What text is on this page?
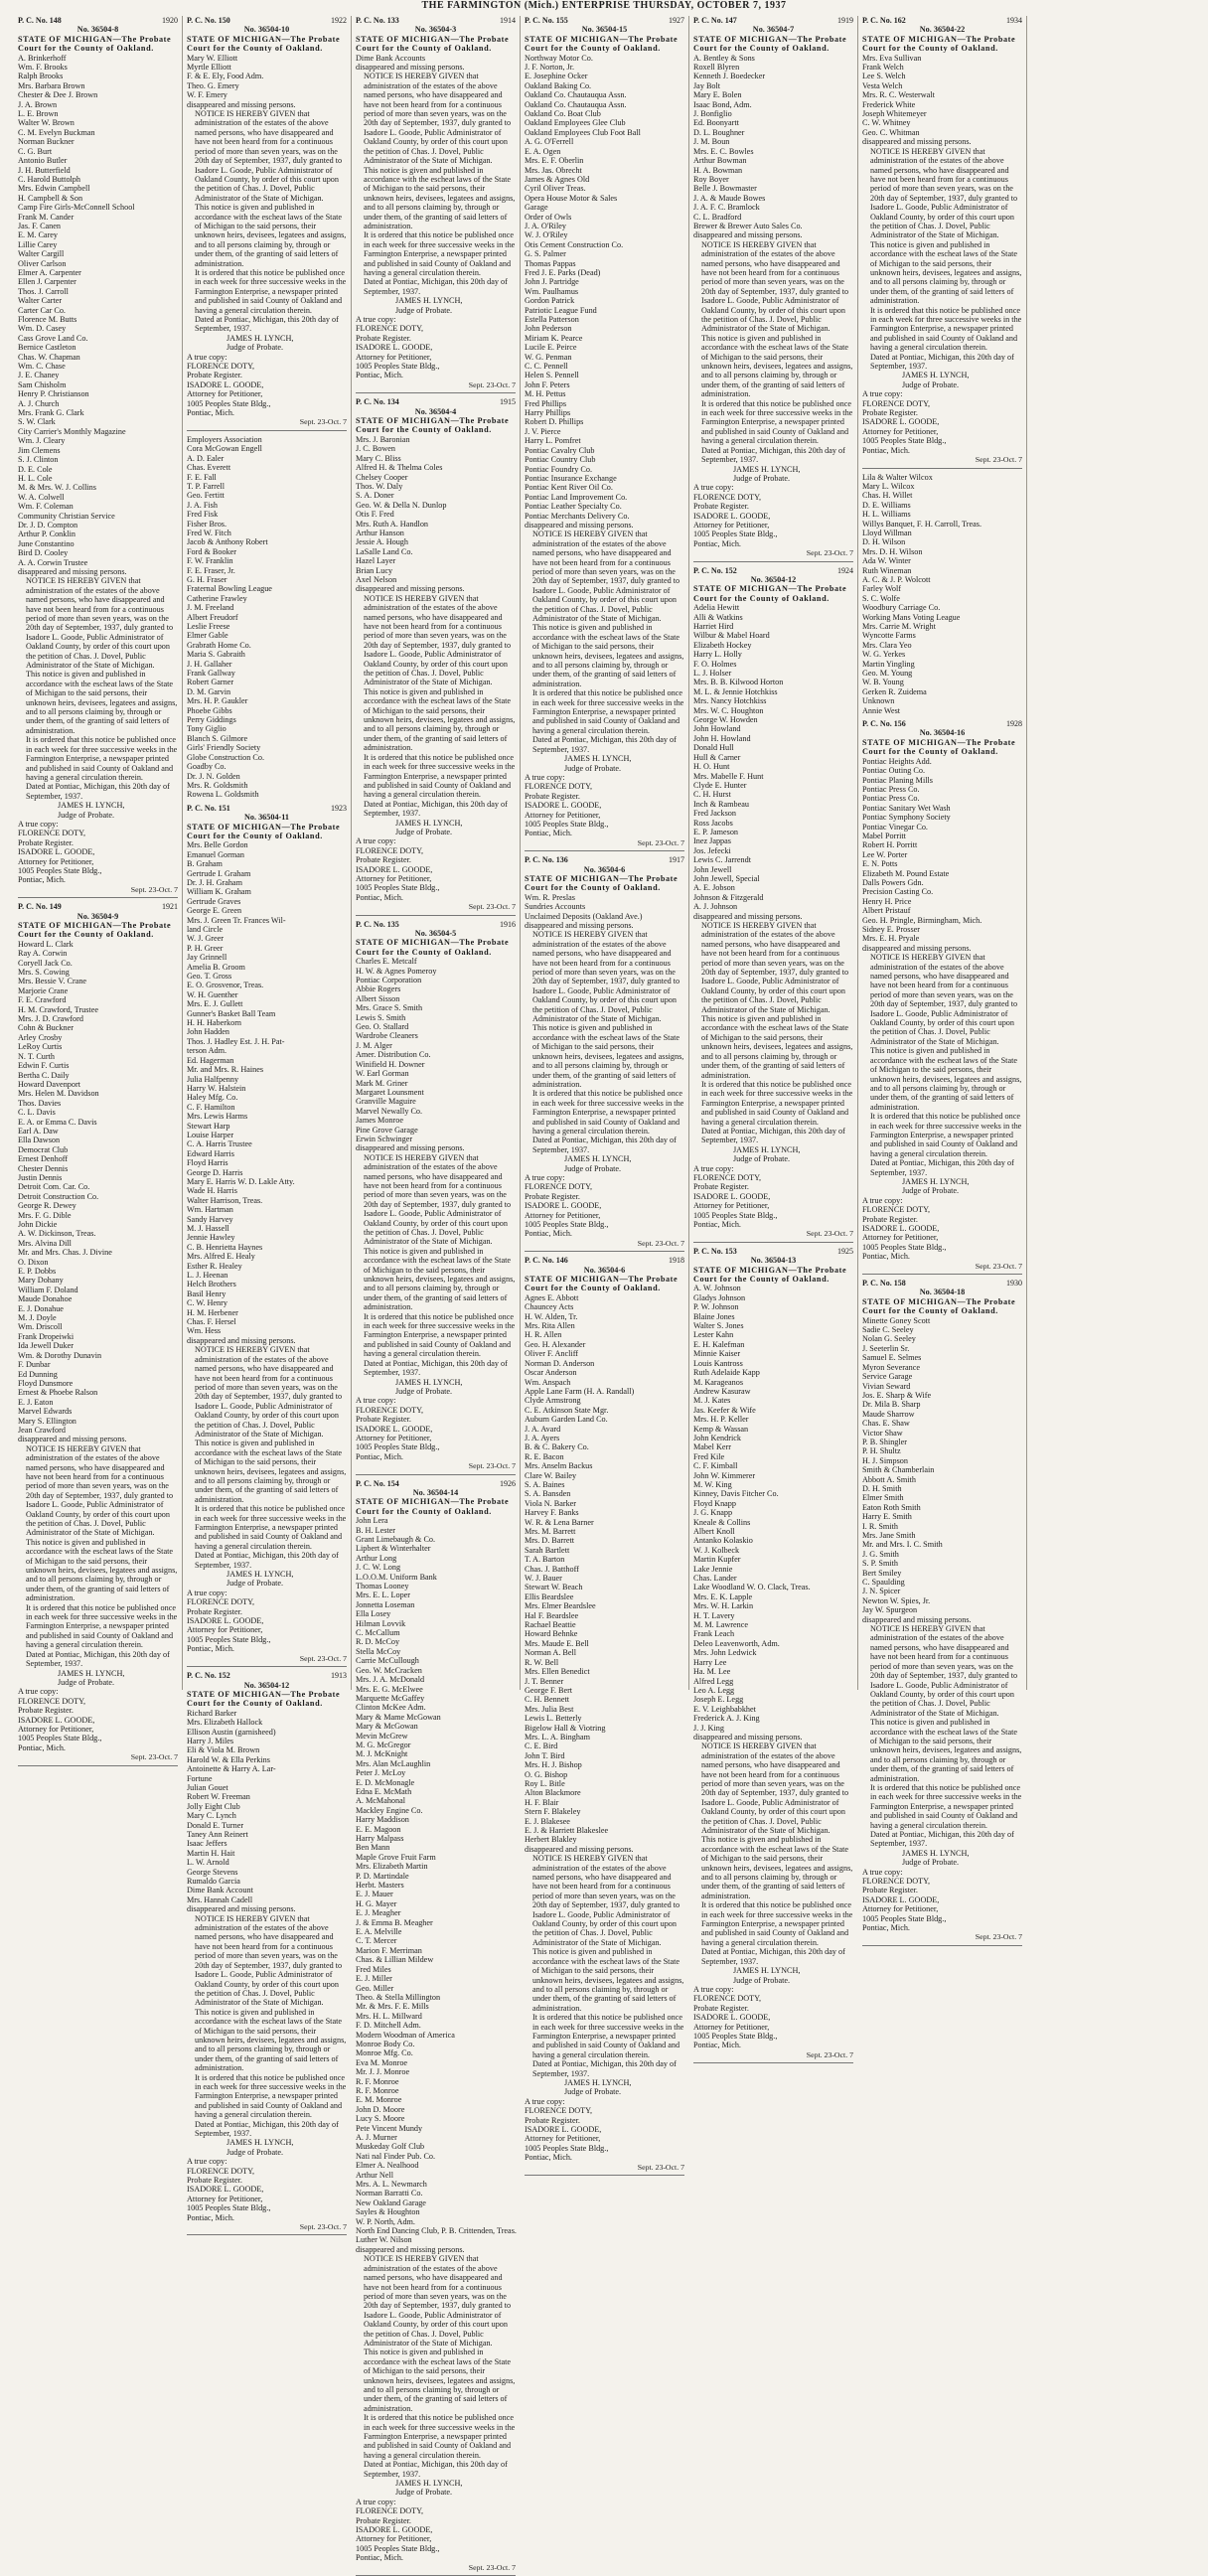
THE FARMINGTON (Mich.) ENTERPRISE THURSDAY, OCTOBER 7, 1937
P. C. No. 148	1920
No. 36504-8
STATE OF MICHIGAN—The Probate Court for the County of Oakland.
A. Brinkerhoff
Wm. F. Brooks
Ralph Brooks
Mrs. Barbara Brown
Chester & Dee J. Brown
J. A. Brown
L. E. Brown
Walter W. Brown
C. M. Evelyn Buckman
Norman Buckner
C. G. Burt
Antonio Butler
J. H. Butterfield
C. Harold Buttolph
Mrs. Edwin Campbell
H. Campbell & Son
Camp Fire Girls-McConnell School
Frank M. Cander
Jas. F. Canen
E. M. Carey
Lillie Carey
Walter Cargill
Oliver Carlson
Elmer A. Carpenter
Ellen J. Carpenter
Thos. J. Carroll
Walter Carter
Carter Car Co.
Florence M. Butts
Wm. D. Casey
Cass Grove Land Co.
Bernice Castleton
Chas. W. Chapman
Wm. C. Chase
J. E. Chaney
Sam Chisholm
Henry P. Christianson
A. J. Church
Mrs. Frank G. Clark
S. W. Clark
City Carrier's Monthly Magazine
Wm. J. Cleary
Jim Clemens
S. J. Clinton
D. E. Cole
H. L. Cole
M. & Mrs. W. J. Collins
W. A. Colwell
Wm. F. Coleman
Community Christian Service
Dr. J. D. Compton
Arthur P. Conklin
June Constantino
Bird D. Cooley
A. A. Corwin Trustee
disappeared and missing persons.
NOTICE IS HEREBY GIVEN that administration of the estates of the above named persons, who have disappeared and have not been heard from for a continuous period of more than seven years, was on the 20th day of September, 1937, duly granted to Isadore L. Goode, Public Administrator of Oakland County, by order of this court upon the petition of Chas. J. Dovel, Public Administrator of the State of Michigan.
This notice is given and published in accordance with the escheat laws of the State of Michigan to the said persons, their unknown heirs, devisees, legatees and assigns, and to all persons claiming by, through or under them, of the granting of said letters of administration.
It is ordered that this notice be published once in each week for three successive weeks in the Farmington Enterprise, a newspaper printed and published in said County of Oakland and having a general circulation therein.
Dated at Pontiac, Michigan, this 20th day of September, 1937.
JAMES H. LYNCH,
Judge of Probate.
A true copy:
FLORENCE DOTY,
Probate Register.
ISADORE L. GOODE,
Attorney for Petitioner,
1005 Peoples State Bldg.,
Pontiac, Mich.
Sept. 23-Oct. 7
P. C. No. 149	1921
No. 36504-9
STATE OF MICHIGAN—The Probate Court for the County of Oakland.
Howard L. Clark
Ray A. Corwin
Coryell Jack Co.
Mrs. S. Cowing
Mrs. Bessie V. Crane
Marjorie Crane
F. E. Crawford
H. M. Crawford, Trustee
Mrs. J. D. Crawford
Cohn & Buckner
Arley Crosby
LeRoy Curtis
N. T. Curth
Edwin F. Curtis
Bertha C. Daily
Howard Davenport
Mrs. Helen M. Davidson
Thos. Davies
C. L. Davis
E. A. or Emma C. Davis
Earl A. Daw
Ella Dawson
Democrat Club
Ernest Denhoff
Chester Dennis
Justin Dennis
Detroit Com. Car. Co.
Detroit Construction Co.
George R. Dewey
Mrs. F. G. Dible
John Dickie
A. W. Dickinson, Treas.
Mrs. Alvina Dill
Mr. and Mrs. Chas. J. Divine
O. Dixon
E. P. Dobbs
Mary Dohany
William F. Doland
Maude Donahoe
E. J. Donahue
M. J. Doyle
Wm. Driscoll
Frank Dropeiwki
Ida Jewell Duker
Wm. & Dorothy Dunavin
F. Dunbar
Ed Dunning
Floyd Dunsmore
Ernest & Phoebe Ralson
E. J. Eaton
Marvel Edwards
Mary S. Ellington
Jean Crawford
disappeared and missing persons.
NOTICE IS HEREBY GIVEN that administration of the estates of the above named persons, who have disappeared and have not been heard from for a continuous period of more than seven years, was on the 20th day of September, 1937, duly granted to Isadore L. Goode, Public Administrator of Oakland County, by order of this court upon the petition of Chas. J. Dovel, Public Administrator of the State of Michigan.
This notice is given and published in accordance with the escheat laws of the State of Michigan to the said persons, their unknown heirs, devisees, legatees and assigns, and to all persons claiming by, through or under them, of the granting of said letters of administration.
It is ordered that this notice be published once in each week for three successive weeks in the Farmington Enterprise, a newspaper printed and published in said County of Oakland and having a general circulation therein.
Dated at Pontiac, Michigan, this 20th day of September, 1937.
JAMES H. LYNCH,
Judge of Probate.
A true copy:
FLORENCE DOTY,
Probate Register.
ISADORE L. GOODE,
Attorney for Petitioner,
1005 Peoples State Bldg.,
Pontiac, Mich.
Sept. 23-Oct. 7
P. C. No. 150	1922
No. 36504-10
STATE OF MICHIGAN—The Probate Court for the County of Oakland.
Mary W. Elliott
Myrtle Elliott
F. & E. Ely, Food Adm.
Theo. G. Emery
W. F. Emery
disappeared and missing persons.
NOTICE IS HEREBY GIVEN that administration of the estates of the above named persons, who have disappeared and have not been heard from for a continuous period of more than seven years, was on the 20th day of September, 1937, duly granted to Isadore L. Goode, Public Administrator of Oakland County, by order of this court upon the petition of Chas. J. Dovel, Public Administrator of the State of Michigan.
This notice is given and published in accordance with the escheat laws of the State of Michigan to the said persons, their unknown heirs, devisees, legatees and assigns, and to all persons claiming by, through or under them, of the granting of said letters of administration.
It is ordered that this notice be published once in each week for three successive weeks in the Farmington Enterprise, a newspaper printed and published in said County of Oakland and having a general circulation therein.
Dated at Pontiac, Michigan, this 20th day of September, 1937.
JAMES H. LYNCH,
Judge of Probate.
A true copy:
FLORENCE DOTY,
Probate Register.
ISADORE L. GOODE,
Attorney for Petitioner,
1005 Peoples State Bldg.,
Pontiac, Mich.
Sept. 23-Oct. 7
Employers Association
Cora McGowan Engell
A. D. Ealer
Chas. Everett
F. E. Fall
T. P. Farrell
Geo. Fertitt
J. A. Fish
Fred Fisk
Fisher Bros.
Fred W. Fitch
Jacob & Anthony Robert
Ford & Booker
F. W. Franklin
F. E. Fraser, Jr.
G. H. Fraser
Fraternal Bowling League
Catherine Frawley
J. M. Freeland
Albert Freudorf
Leslie Freese
Elmer Gable
Grabrath Home Co.
Maria S. Gabraith
J. H. Gallaher
Frank Gallway
Robert Garner
D. M. Garvin
Mrs. H. P. Gaukler
Phoebe Gibbs
Perry Giddings
Tony Giglio
Blanch S. Gilmore
Girls' Friendly Society
Globe Construction Co.
Goadby Co.
Dr. J. N. Golden
Mrs. R. Goldsmith
Rowena L. Goldsmith
P. C. No. 151	1923
No. 36504-11
STATE OF MICHIGAN—The Probate Court for the County of Oakland.
Mrs. Belle Gordon
Emanuel Gorman
B. Graham
Gertrude I. Graham
Dr. J. H. Graham
William K. Graham
Gertrude Graves
George E. Green
Mrs. J. Green Tr. Frances Wil-
land Circle
W. J. Greer
P. H. Greer
Jay Grinnell
Amelia B. Groom
Geo. T. Gross
E. O. Grosvenor, Treas.
W. H. Guenther
Mrs. E. J. Gullett
Gunner's Basket Ball Team
H. H. Haberkorn
John Hadden
Thos. J. Hadley Est. J. H. Pat-
terson Adm.
Ed. Hagerman
Mr. and Mrs. R. Haines
Julia Halfpenny
Harry W. Halstein
Haley Mfg. Co.
C. F. Hamilton
Mrs. Lewis Harms
Stewart Harp
Louise Harper
C. A. Harris Trustee
Edward Harris
Floyd Harris
George D. Harris
Mary E. Harris W. D. Lakle Atty.
Wade H. Harris
Walter Harrison, Treas.
Wm. Hartman
Sandy Harvey
M. J. Hassell
Jennie Hawley
C. B. Henrietta Haynes
Mrs. Alfred E. Healy
Esther R. Healey
L. J. Heenan
Helch Brothers
Basil Henry
C. W. Henry
H. M. Herbener
Chas. F. Hersel
Wm. Hess
disappeared and missing persons.
NOTICE IS HEREBY GIVEN that administration of the estates of the above named persons, who have disappeared and have not been heard from for a continuous period of more than seven years, was on the 20th day of September, 1937, duly granted to Isadore L. Goode, Public Administrator of Oakland County, by order of this court upon the petition of Chas. J. Dovel, Public Administrator of the State of Michigan.
This notice is given and published in accordance with the escheat laws of the State of Michigan to the said persons, their unknown heirs, devisees, legatees and assigns, and to all persons claiming by, through or under them, of the granting of said letters of administration.
It is ordered that this notice be published once in each week for three successive weeks in the Farmington Enterprise, a newspaper printed and published in said County of Oakland and having a general circulation therein.
Dated at Pontiac, Michigan, this 20th day of September, 1937.
JAMES H. LYNCH,
Judge of Probate.
A true copy:
FLORENCE DOTY,
Probate Register.
ISADORE L. GOODE,
Attorney for Petitioner,
1005 Peoples State Bldg.,
Pontiac, Mich.
Sept. 23-Oct. 7
P. C. No. 152	1913
No. 36504-12
STATE OF MICHIGAN—The Probate Court for the County of Oakland.
Richard Barker
Mrs. Elizabeth Hallock
Ellison Austin (garnisheed)
Harry J. Miles
Eli & Viola M. Brown
Harold W. & Ella Perkins
Antoinette & Harry A. Lar-
Fortune
Julian Gouet
Robert W. Freeman
Jolly Eight Club
Mary C. Lynch
Donald E. Turner
Taney Ann Reinert
Isaac Jeffers
Martin H. Hait
L. W. Arnold
George Stevens
Rumaldo Garcia
Dime Bank Account
Mrs. Hannah Cadell
disappeared and missing persons.
NOTICE IS HEREBY GIVEN that administration of the estates of the above named persons, who have disappeared and have not been heard from for a continuous period of more than seven years, was on the 20th day of September, 1937, duly granted to Isadore L. Goode, Public Administrator of Oakland County, by order of this court upon the petition of Chas. J. Dovel, Public Administrator of the State of Michigan.
This notice is given and published in accordance with the escheat laws of the State of Michigan to the said persons, their unknown heirs, devisees, legatees and assigns, and to all persons claiming by, through or under them, of the granting of said letters of administration.
It is ordered that this notice be published once in each week for three successive weeks in the Farmington Enterprise, a newspaper printed and published in said County of Oakland and having a general circulation therein.
Dated at Pontiac, Michigan, this 20th day of September, 1937.
JAMES H. LYNCH,
Judge of Probate.
A true copy:
FLORENCE DOTY,
Probate Register.
ISADORE L. GOODE,
Attorney for Petitioner,
1005 Peoples State Bldg.,
Pontiac, Mich.
Sept. 23-Oct. 7
P. C. No. 133	1914
No. 36504-3
STATE OF MICHIGAN—The Probate Court for the County of Oakland.
Dime Bank Accounts
disappeared and missing persons.
NOTICE IS HEREBY GIVEN that administration of the estates of the above named persons, who have disappeared and have not been heard from for a continuous period of more than seven years, was on the 20th day of September, 1937, duly granted to Isadore L. Goode, Public Administrator of Oakland County, by order of this court upon the petition of Chas. J. Dovel, Public Administrator of the State of Michigan.
This notice is given and published in accordance with the escheat laws of the State of Michigan to the said persons, their unknown heirs, devisees, legatees and assigns, and to all persons claiming by, through or under them, of the granting of said letters of administration.
It is ordered that this notice be published once in each week for three successive weeks in the Farmington Enterprise, a newspaper printed and published in said County of Oakland and having a general circulation therein.
Dated at Pontiac, Michigan, this 20th day of September, 1937.
JAMES H. LYNCH,
Judge of Probate.
A true copy:
FLORENCE DOTY,
Probate Register.
ISADORE L. GOODE,
Attorney for Petitioner,
1005 Peoples State Bldg.,
Pontiac, Mich.
Sept. 23-Oct. 7
P. C. No. 134	1915
No. 36504-4
STATE OF MICHIGAN—The Probate Court for the County of Oakland.
Mrs. J. Baronian
J. C. Bowen
Mary C. Bliss
Alfred H. & Thelma Coles
Chelsey Cooper
Thos. W. Daly
S. A. Doner
Geo. W. & Della N. Dunlop
Otis F. Fred
Mrs. Ruth A. Handlon
Arthur Hanson
Jessie A. Hough
LaSalle Land Co.
Hazel Layer
Brian Lucy
Axel Nelson
disappeared and missing persons.
NOTICE IS HEREBY GIVEN that administration of the estates of the above named persons, who have disappeared and have not been heard from for a continuous period of more than seven years, was on the 20th day of September, 1937, duly granted to Isadore L. Goode, Public Administrator of Oakland County, by order of this court upon the petition of Chas. J. Dovel, Public Administrator of the State of Michigan.
This notice is given and published in accordance with the escheat laws of the State of Michigan to the said persons, their unknown heirs, devisees, legatees and assigns, and to all persons claiming by, through or under them, of the granting of said letters of administration.
It is ordered that this notice be published once in each week for three successive weeks in the Farmington Enterprise, a newspaper printed and published in said County of Oakland and having a general circulation therein.
Dated at Pontiac, Michigan, this 20th day of September, 1937.
JAMES H. LYNCH,
Judge of Probate.
A true copy:
FLORENCE DOTY,
Probate Register.
ISADORE L. GOODE,
Attorney for Petitioner,
1005 Peoples State Bldg.,
Pontiac, Mich.
Sept. 23-Oct. 7
P. C. No. 135	1916
No. 36504-5
STATE OF MICHIGAN—The Probate Court for the County of Oakland.
Charles E. Metcalf
H. W. & Agnes Pomeroy
Pontiac Corporation
Abbie Rogers
Albert Sisson
Mrs. Grace S. Smith
Lewis S. Smith
Geo. O. Stallard
Wardrobe Cleaners
J. M. Alger
Amer. Distribution Co.
Winifield H. Downer
W. Earl Gorman
Mark M. Griner
Margaret Lounsment
Granville Maguire
Marvel Newally Co.
James Monroe
Pine Grove Garage
Erwin Schwinger
disappeared and missing persons.
NOTICE IS HEREBY GIVEN that administration of the estates of the above named persons, who have disappeared and have not been heard from for a continuous period of more than seven years, was on the 20th day of September, 1937, duly granted to Isadore L. Goode, Public Administrator of Oakland County, by order of this court upon the petition of Chas. J. Dovel, Public Administrator of the State of Michigan.
This notice is given and published in accordance with the escheat laws of the State of Michigan to the said persons, their unknown heirs, devisees, legatees and assigns, and to all persons claiming by, through or under them, of the granting of said letters of administration.
It is ordered that this notice be published once in each week for three successive weeks in the Farmington Enterprise, a newspaper printed and published in said County of Oakland and having a general circulation therein.
Dated at Pontiac, Michigan, this 20th day of September, 1937.
JAMES H. LYNCH,
Judge of Probate.
A true copy:
FLORENCE DOTY,
Probate Register.
ISADORE L. GOODE,
Attorney for Petitioner,
1005 Peoples State Bldg.,
Pontiac, Mich.
Sept. 23-Oct. 7
P. C. No. 154	1926
No. 36504-14
STATE OF MICHIGAN—The Probate Court for the County of Oakland.
John Lera
B. H. Lester
Grant Limebaugh & Co.
Lipbert & Winterhalter
Arthur Long
J. C. W. Long
L.O.O.M. Uniform Bank
Thomas Looney
Mrs. E. L. Loper
Jonnetta Loseman
Ella Losey
Hilman Lovvik
C. McCallum
R. D. McCoy
Stella McCoy
Carrie McCullough
Geo. W. McCracken
Mrs. J. A. McDonald
Mrs. E. G. McElwee
Marquette McGaffey
Clinton McKee Adm.
Mary & Mame McGowan
Mary & McGowan
Mevin McGrew
M. G. McGregor
M. J. McKnight
Mrs. Alan McLaughlin
Peter J. McLoy
E. D. McMonagle
Edna E. McMath
A. McMahonal
Mackley Engine Co.
Harry Maddison
E. E. Magoon
Harry Malpass
Ben Mann
Maple Grove Fruit Farm
Mrs. Elizabeth Martin
P. D. Martindale
Herbt. Masters
E. J. Mauer
H. G. Mayer
E. J. Meagher
J. & Emma B. Meagher
E. A. Melville
C. T. Mercer
Marion F. Merriman
Chas. & Lillian Mildew
Fred Miles
E. J. Miller
Geo. Miller
Theo. & Stella Millington
Mr. & Mrs. F. E. Mills
Mrs. H. L. Millward
F. D. Mitchell Adm.
Modern Woodman of America
Monroe Body Co.
Monroe Mfg. Co.
Eva M. Monroe
Mr. J. J. Monroe
R. F. Monroe
R. F. Monroe
E. M. Monroe
John D. Moore
Lucy S. Moore
Pete Vincent Mundy
A. J. Murner
Muskeday Golf Club
Nati nal Finder Pub. Co.
Elmer A. Nealhood
Arthur Nell
Mrs. A. L. Newmarch
Norman Barratti Co.
New Oakland Garage
Sayles & Houghton
W. P. North, Adm.
North End Dancing Club, P. B. Crittenden, Treas.
Luther W. Nilson
disappeared and missing persons.
NOTICE IS HEREBY GIVEN that administration of the estates of the above named persons, who have disappeared and have not been heard from for a continuous period of more than seven years, was on the 20th day of September, 1937, duly granted to Isadore L. Goode, Public Administrator of Oakland County, by order of this court upon the petition of Chas. J. Dovel, Public Administrator of the State of Michigan.
This notice is given and published in accordance with the escheat laws of the State of Michigan to the said persons, their unknown heirs, devisees, legatees and assigns, and to all persons claiming by, through or under them, of the granting of said letters of administration.
It is ordered that this notice be published once in each week for three successive weeks in the Farmington Enterprise, a newspaper printed and published in said County of Oakland and having a general circulation therein.
Dated at Pontiac, Michigan, this 20th day of September, 1937.
JAMES H. LYNCH,
Judge of Probate.
A true copy:
FLORENCE DOTY,
Probate Register.
ISADORE L. GOODE,
Attorney for Petitioner,
1005 Peoples State Bldg.,
Pontiac, Mich.
Sept. 23-Oct. 7
P. C. No. 155	1927
No. 36504-15
STATE OF MICHIGAN—The Probate Court for the County of Oakland.
Northway Motor Co.
J. F. Norton, Jr.
E. Josephine Ocker
Oakland Baking Co.
Oakland Co. Chautauqua Assn.
Oakland Co. Chautauqua Assn.
Oakland Co. Boat Club
Oakland Employees Glee Club
Oakland Employees Club Foot Ball
A. G. O'Ferrell
E. A. Ogen
Mrs. E. F. Oberlin
Mrs. Jas. Obrecht
James & Agnes Old
Cyril Oliver Treas.
Opera House Motor & Sales
Garage
Order of Owls
J. A. O'Riley
W. J. O'Riley
Otis Cement Construction Co.
G. S. Palmer
Thomas Pappas
Fred J. E. Parks (Dead)
John J. Partridge
Wm. Paulhamus
Gordon Patrick
Patriotic League Fund
Estella Patterson
John Pederson
Miriam K. Pearce
Lucile E. Peirce
W. G. Penman
C. C. Pennell
Helen S. Pennell
John F. Peters
M. H. Pettus
Fred Phillips
Harry Phillips
Robert D. Phillips
J. V. Pierce
Harry L. Pomfret
Pontiac Cavalry Club
Pontiac Country Club
Pontiac Foundry Co.
Pontiac Insurance Exchange
Pontiac Kent River Oil Co.
Pontiac Land Improvement Co.
Pontiac Leather Specialty Co.
Pontiac Merchants Delivery Co.
disappeared and missing persons.
NOTICE IS HEREBY GIVEN that administration of the estates of the above named persons, who have disappeared and have not been heard from for a continuous period of more than seven years, was on the 20th day of September, 1937, duly granted to Isadore L. Goode, Public Administrator of Oakland County, by order of this court upon the petition of Chas. J. Dovel, Public Administrator of the State of Michigan.
This notice is given and published in accordance with the escheat laws of the State of Michigan to the said persons, their unknown heirs, devisees, legatees and assigns, and to all persons claiming by, through or under them, of the granting of said letters of administration.
It is ordered that this notice be published once in each week for three successive weeks in the Farmington Enterprise, a newspaper printed and published in said County of Oakland and having a general circulation therein.
Dated at Pontiac, Michigan, this 20th day of September, 1937.
JAMES H. LYNCH,
Judge of Probate.
A true copy:
FLORENCE DOTY,
Probate Register.
ISADORE L. GOODE,
Attorney for Petitioner,
1005 Peoples State Bldg.,
Pontiac, Mich.
Sept. 23-Oct. 7
P. C. No. 136	1917
No. 36504-6
STATE OF MICHIGAN—The Probate Court for the County of Oakland.
Wm. R. Preslas
Sundries Accounts
Unclaimed Deposits (Oakland Ave.)
disappeared and missing persons.
NOTICE IS HEREBY GIVEN that administration of the estates of the above named persons, who have disappeared and have not been heard from for a continuous period of more than seven years, was on the 20th day of September, 1937, duly granted to Isadore L. Goode, Public Administrator of Oakland County, by order of this court upon the petition of Chas. J. Dovel, Public Administrator of the State of Michigan.
This notice is given and published in accordance with the escheat laws of the State of Michigan to the said persons, their unknown heirs, devisees, legatees and assigns, and to all persons claiming by, through or under them, of the granting of said letters of administration.
It is ordered that this notice be published once in each week for three successive weeks in the Farmington Enterprise, a newspaper printed and published in said County of Oakland and having a general circulation therein.
Dated at Pontiac, Michigan, this 20th day of September, 1937.
JAMES H. LYNCH,
Judge of Probate.
A true copy:
FLORENCE DOTY,
Probate Register.
ISADORE L. GOODE,
Attorney for Petitioner,
1005 Peoples State Bldg.,
Pontiac, Mich.
Sept. 23-Oct. 7
P. C. No. 146	1918
No. 36504-6
STATE OF MICHIGAN—The Probate Court for the County of Oakland.
Agnes E. Abbott
Chauncey Acts
H. W. Alden, Tr.
Mrs. Rita Allen
H. R. Allen
Geo. H. Alexander
Oliver F. Ancliff
Norman D. Anderson
Oscar Anderson
Wm. Anspach
Apple Lane Farm (H. A. Randall)
Clyde Armstrong
C. E. Atkinson State Mgr.
Auburn Garden Land Co.
J. A. Avard
J. A. Ayers
B. & C. Bakery Co.
R. E. Bacon
Mrs. Anselm Backus
Clare W. Bailey
S. A. Baines
S. A. Bansden
Viola N. Barker
Harvey F. Banks
W. R. & Lena Barner
Mrs. M. Barrett
Mrs. D. Barrett
Sarah Bartlett
T. A. Barton
Chas. J. Batthoff
W. J. Bauer
Stewart W. Beach
Ellis Beardslee
Mrs. Elmer Beardslee
Hal F. Beardslee
Rachael Beattie
Howard Behnke
Mrs. Maude E. Bell
Norman A. Bell
R. W. Bell
Mrs. Ellen Benedict
J. T. Benner
George F. Bert
C. H. Bennett
Mrs. Julia Best
Lewis L. Betterly
Bigelow Hall & Viotring
Mrs. L. A. Bingham
C. E. Bird
John T. Bird
Mrs. H. J. Bishop
O. G. Bishop
Roy L. Bitle
Alton Blackmore
H. F. Blair
Stern F. Blakeley
E. J. Blakesee
E. J. & Harriett Blakeslee
Herbert Blakley
disappeared and missing persons.
NOTICE IS HEREBY GIVEN that administration of the estates of the above named persons, who have disappeared and have not been heard from for a continuous period of more than seven years, was on the 20th day of September, 1937, duly granted to Isadore L. Goode, Public Administrator of Oakland County, by order of this court upon the petition of Chas. J. Dovel, Public Administrator of the State of Michigan.
This notice is given and published in accordance with the escheat laws of the State of Michigan to the said persons, their unknown heirs, devisees, legatees and assigns, and to all persons claiming by, through or under them, of the granting of said letters of administration.
It is ordered that this notice be published once in each week for three successive weeks in the Farmington Enterprise, a newspaper printed and published in said County of Oakland and having a general circulation therein.
Dated at Pontiac, Michigan, this 20th day of September, 1937.
JAMES H. LYNCH,
Judge of Probate.
A true copy:
FLORENCE DOTY,
Probate Register.
ISADORE L. GOODE,
Attorney for Petitioner,
1005 Peoples State Bldg.,
Pontiac, Mich.
Sept. 23-Oct. 7
P. C. No. 147	1919
No. 36504-7
STATE OF MICHIGAN—The Probate Court for the County of Oakland.
A. Bentley & Sons
Roxell Blyren
Kenneth J. Boedecker
Jay Bolt
Mary E. Bolen
Isaac Bond, Adm.
J. Bonfiglio
Ed. Boonyartt
D. L. Boughner
J. M. Boun
Mrs. E. C. Bowles
Arthur Bowman
H. A. Bowman
Roy Boyer
Belle J. Bowmaster
J. A. & Maude Bowes
J. A. F. C. Bramlock
C. L. Bradford
Brewer & Brewer Auto Sales Co.
disappeared and missing persons.
NOTICE IS HEREBY GIVEN that administration of the estates of the above named persons, who have disappeared and have not been heard from for a continuous period of more than seven years, was on the 20th day of September, 1937, duly granted to Isadore L. Goode, Public Administrator of Oakland County, by order of this court upon the petition of Chas. J. Dovel, Public Administrator of the State of Michigan.
This notice is given and published in accordance with the escheat laws of the State of Michigan to the said persons, their unknown heirs, devisees, legatees and assigns, and to all persons claiming by, through or under them, of the granting of said letters of administration.
It is ordered that this notice be published once in each week for three successive weeks in the Farmington Enterprise, a newspaper printed and published in said County of Oakland and having a general circulation therein.
Dated at Pontiac, Michigan, this 20th day of September, 1937.
JAMES H. LYNCH,
Judge of Probate.
A true copy:
FLORENCE DOTY,
Probate Register.
ISADORE L. GOODE,
Attorney for Petitioner,
1005 Peoples State Bldg.,
Pontiac, Mich.
Sept. 23-Oct. 7
P. C. No. 152	1924
No. 36504-12
STATE OF MICHIGAN—The Probate Court for the County of Oakland.
Adelia Hewitt
Alli & Watkins
Harriet Hird
Wilbur & Mabel Hoard
Elizabeth Hockey
Harry L. Holly
F. O. Holmes
L. J. Holser
Mrs. B. B. Kilwood Horton
M. L. & Jennie Hotchkiss
Mrs. Nancy Hotchkiss
Mrs. W. C. Houghton
George W. Howden
John Howland
John H. Howland
Donald Hull
Hull & Carner
H. O. Hunt
Mrs. Mabelle F. Hunt
Clyde E. Hunter
C. H. Hurst
Inch & Rambeau
Fred Jackson
Ross Jacobs
E. P. Jameson
Inez Jappas
Jos. Jefecki
Lewis C. Jarrendt
John Jewell
John Jewell, Special
A. E. Jobson
Johnson & Fitzgerald
A. J. Johnson
disappeared and missing persons.
NOTICE IS HEREBY GIVEN that administration of the estates of the above named persons, who have disappeared and have not been heard from for a continuous period of more than seven years, was on the 20th day of September, 1937, duly granted to Isadore L. Goode, Public Administrator of Oakland County, by order of this court upon the petition of Chas. J. Dovel, Public Administrator of the State of Michigan.
This notice is given and published in accordance with the escheat laws of the State of Michigan to the said persons, their unknown heirs, devisees, legatees and assigns, and to all persons claiming by, through or under them, of the granting of said letters of administration.
It is ordered that this notice be published once in each week for three successive weeks in the Farmington Enterprise, a newspaper printed and published in said County of Oakland and having a general circulation therein.
Dated at Pontiac, Michigan, this 20th day of September, 1937.
JAMES H. LYNCH,
Judge of Probate.
A true copy:
FLORENCE DOTY,
Probate Register.
ISADORE L. GOODE,
Attorney for Petitioner,
1005 Peoples State Bldg.,
Pontiac, Mich.
Sept. 23-Oct. 7
P. C. No. 153	1925
No. 36504-13
STATE OF MICHIGAN—The Probate Court for the County of Oakland.
A. W. Johnson
Gladys Johnson
P. W. Johnson
Blaine Jones
Walter S. Jones
Lester Kahn
E. H. Kalefman
Minnie Kaiser
Louis Kantross
Ruth Adelaide Kapp
M. Karageanos
Andrew Kasuraw
M. J. Kates
Jas. Keefer & Wife
Mrs. H. P. Keller
Kemp & Wassan
John Kendrick
Mabel Kerr
Fred Kile
C. F. Kimball
John W. Kimmerer
M. W. King
Kinney, Davis Fitcher Co.
Floyd Knapp
J. G. Knapp
Kneale & Collins
Albert Knoll
Antanko Kolaskio
W. J. Kolbeck
Martin Kupfer
Lake Jennie
Chas. Lander
Lake Woodland W. O. Clack, Treas.
Mrs. E. K. Lapple
Mrs. W. H. Larkin
H. T. Lavery
M. M. Lawrence
Frank Leach
Deleo Leavenworth, Adm.
Mrs. John Ledwick
Harry Lee
Ha. M. Lee
Alfred Legg
Leo A. Legg
Joseph E. Legg
E. V. Leighbabkhet
Frederick A. J. King
J. J. King
disappeared and missing persons.
NOTICE IS HEREBY GIVEN that administration of the estates of the above named persons, who have disappeared and have not been heard from for a continuous period of more than seven years, was on the 20th day of September, 1937, duly granted to Isadore L. Goode, Public Administrator of Oakland County, by order of this court upon the petition of Chas. J. Dovel, Public Administrator of the State of Michigan.
This notice is given and published in accordance with the escheat laws of the State of Michigan to the said persons, their unknown heirs, devisees, legatees and assigns, and to all persons claiming by, through or under them, of the granting of said letters of administration.
It is ordered that this notice be published once in each week for three successive weeks in the Farmington Enterprise, a newspaper printed and published in said County of Oakland and having a general circulation therein.
Dated at Pontiac, Michigan, this 20th day of September, 1937.
JAMES H. LYNCH,
Judge of Probate.
A true copy:
FLORENCE DOTY,
Probate Register.
ISADORE L. GOODE,
Attorney for Petitioner,
1005 Peoples State Bldg.,
Pontiac, Mich.
Sept. 23-Oct. 7
P. C. No. 162	1934
No. 36504-22
STATE OF MICHIGAN—The Probate Court for the County of Oakland.
Mrs. Eva Sullivan
Frank Welch
Lee S. Welch
Vesta Welch
Mrs. R. C. Westerwalt
Frederick White
Joseph Whitemeyer
C. W. Whitney
Geo. C. Whitman
disappeared and missing persons.
NOTICE IS HEREBY GIVEN that administration of the estates of the above named persons, who have disappeared and have not been heard from for a continuous period of more than seven years, was on the 20th day of September, 1937, duly granted to Isadore L. Goode, Public Administrator of Oakland County, by order of this court upon the petition of Chas. J. Dovel, Public Administrator of the State of Michigan.
This notice is given and published in accordance with the escheat laws of the State of Michigan to the said persons, their unknown heirs, devisees, legatees and assigns, and to all persons claiming by, through or under them, of the granting of said letters of administration.
It is ordered that this notice be published once in each week for three successive weeks in the Farmington Enterprise, a newspaper printed and published in said County of Oakland and having a general circulation therein.
Dated at Pontiac, Michigan, this 20th day of September, 1937.
JAMES H. LYNCH,
Judge of Probate.
A true copy:
FLORENCE DOTY,
Probate Register.
ISADORE L. GOODE,
Attorney for Petitioner,
1005 Peoples State Bldg.,
Pontiac, Mich.
Sept. 23-Oct. 7
Lila & Walter Wilcox
Mary L. Wilcox
Chas. H. Willet
D. E. Williams
H. L. Williams
Willys Banquet, F. H. Carroll, Treas.
Lloyd Willman
D. H. Wilson
Mrs. D. H. Wilson
Ada W. Winter
Ruth Wineman
A. C. & J. P. Wolcott
Farley Wolf
S. C. Wolfe
Woodbury Carriage Co.
Working Mans Voting League
Mrs. Carrie M. Wright
Wyncotte Farms
Mrs. Clara Yeo
W. G. Yerkes
Martin Yingling
Geo. M. Young
W. B. Young
Gerken R. Zuidema
Unknown
Annie West
P. C. No. 156	1928
No. 36504-16
STATE OF MICHIGAN—The Probate Court for the County of Oakland.
Pontiac Heights Add.
Pontiac Outing Co.
Pontiac Planing Mills
Pontiac Press Co.
Pontiac Press Co.
Pontiac Sanitary Wet Wash
Pontiac Symphony Society
Pontiac Vinegar Co.
Mabel Porritt
Robert H. Porritt
Lee W. Porter
E. N. Potts
Elizabeth M. Pound Estate
Dalls Powers Gdn.
Precision Casting Co.
Henry H. Price
Albert Pristauf
Geo. H. Pringle, Birmingham, Mich.
Sidney E. Prosser
Mrs. E. H. Pryale
disappeared and missing persons.
NOTICE IS HEREBY GIVEN that administration of the estates of the above named persons, who have disappeared and have not been heard from for a continuous period of more than seven years, was on the 20th day of September, 1937, duly granted to Isadore L. Goode, Public Administrator of Oakland County, by order of this court upon the petition of Chas. J. Dovel, Public Administrator of the State of Michigan.
This notice is given and published in accordance with the escheat laws of the State of Michigan to the said persons, their unknown heirs, devisees, legatees and assigns, and to all persons claiming by, through or under them, of the granting of said letters of administration.
It is ordered that this notice be published once in each week for three successive weeks in the Farmington Enterprise, a newspaper printed and published in said County of Oakland and having a general circulation therein.
Dated at Pontiac, Michigan, this 20th day of September, 1937.
JAMES H. LYNCH,
Judge of Probate.
A true copy:
FLORENCE DOTY,
Probate Register.
ISADORE L. GOODE,
Attorney for Petitioner,
1005 Peoples State Bldg.,
Pontiac, Mich.
Sept. 23-Oct. 7
P. C. No. 158	1930
No. 36504-18
STATE OF MICHIGAN—The Probate Court for the County of Oakland.
Minette Goney Scott
Sadie C. Seeley
Nolan G. Seeley
J. Seeterlin Sr.
Samuel E. Selmes
Myron Severance
Service Garage
Vivian Seward
Jos. E. Sharp & Wife
Dr. Mila B. Sharp
Maude Sharrow
Chas. E. Shaw
Victor Shaw
P. B. Shingler
P. H. Shultz
H. J. Simpson
Smith & Chamberlain
Abbott A. Smith
D. H. Smith
Elmer Smith
Eaton Roth Smith
Harry E. Smith
I. R. Smith
Mrs. Jane Smith
Mr. and Mrs. I. C. Smith
J. G. Smith
S. P. Smith
Bert Smiley
C. Spaulding
J. N. Spicer
Newton W. Spies, Jr.
Jay W. Spurgeon
disappeared and missing persons.
NOTICE IS HEREBY GIVEN that administration of the estates of the above named persons, who have disappeared and have not been heard from for a continuous period of more than seven years, was on the 20th day of September, 1937, duly granted to Isadore L. Goode, Public Administrator of Oakland County, by order of this court upon the petition of Chas. J. Dovel, Public Administrator of the State of Michigan.
This notice is given and published in accordance with the escheat laws of the State of Michigan to the said persons, their unknown heirs, devisees, legatees and assigns, and to all persons claiming by, through or under them, of the granting of said letters of administration.
It is ordered that this notice be published once in each week for three successive weeks in the Farmington Enterprise, a newspaper printed and published in said County of Oakland and having a general circulation therein.
Dated at Pontiac, Michigan, this 20th day of September, 1937.
JAMES H. LYNCH,
Judge of Probate.
A true copy:
FLORENCE DOTY,
Probate Register.
ISADORE L. GOODE,
Attorney for Petitioner,
1005 Peoples State Bldg.,
Pontiac, Mich.
Sept. 23-Oct. 7
